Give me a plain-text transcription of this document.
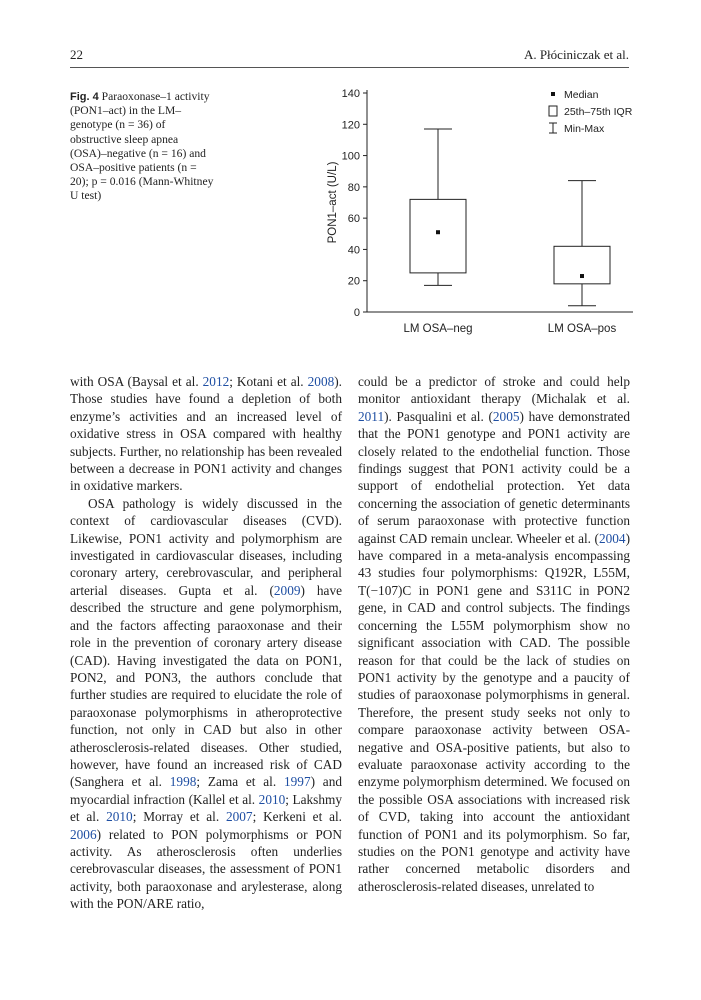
22	A. Płóciniczak et al.
Fig. 4 Paraoxonase–1 activity (PON1–act) in the LM–genotype (n = 36) of obstructive sleep apnea (OSA)–negative (n = 16) and OSA–positive patients (n = 20); p = 0.016 (Mann-Whitney U test)
0
20
40
60
80
100
120
140
PON1–act (U/L)
LM OSA–neg	LM OSA–pos
Median
25th–75th IQR
Min-Max

with OSA (Baysal et al. 2012; Kotani et al. 2008). Those studies have found a depletion of both enzyme’s activities and an increased level of oxidative stress in OSA compared with healthy subjects. Further, no relationship has been revealed between a decrease in PON1 activity and changes in oxidative markers.

OSA pathology is widely discussed in the context of cardiovascular diseases (CVD). Likewise, PON1 activity and polymorphism are investigated in cardiovascular diseases, including coronary artery, cerebrovascular, and peripheral arterial diseases. Gupta et al. (2009) have described the structure and gene polymorphism, and the factors affecting paraoxonase and their role in the prevention of coronary artery disease (CAD). Having investigated the data on PON1, PON2, and PON3, the authors conclude that further studies are required to elucidate the role of paraoxonase polymorphisms in atheroprotective function, not only in CAD but also in other atherosclerosis-related diseases. Other studied, however, have found an increased risk of CAD (Sanghera et al. 1998; Zama et al. 1997) and myocardial infraction (Kallel et al. 2010; Lakshmy et al. 2010; Morray et al. 2007; Kerkeni et al. 2006) related to PON polymorphisms or PON activity. As atherosclerosis often underlies cerebrovascular diseases, the assessment of PON1 activity, both paraoxonase and arylesterase, along with the PON/ARE ratio,

could be a predictor of stroke and could help monitor antioxidant therapy (Michalak et al. 2011). Pasqualini et al. (2005) have demonstrated that the PON1 genotype and PON1 activity are closely related to the endothelial function. Those findings suggest that PON1 activity could be a support of endothelial protection. Yet data concerning the association of genetic determinants of serum paraoxonase with protective function against CAD remain unclear. Wheeler et al. (2004) have compared in a meta-analysis encompassing 43 studies four polymorphisms: Q192R, L55M, T(−107)C in PON1 gene and S311C in PON2 gene, in CAD and control subjects. The findings concerning the L55M polymorphism show no significant association with CAD. The possible reason for that could be the lack of studies on PON1 activity by the genotype and a paucity of studies of paraoxonase polymorphisms in general. Therefore, the present study seeks not only to compare paraoxonase activity between OSA-negative and OSA-positive patients, but also to evaluate paraoxonase activity according to the enzyme polymorphism determined. We focused on the possible OSA associations with increased risk of CVD, taking into account the antioxidant function of PON1 and its polymorphism. So far, studies on the PON1 genotype and activity have rather concerned metabolic disorders and atherosclerosis-related diseases, unrelated to
